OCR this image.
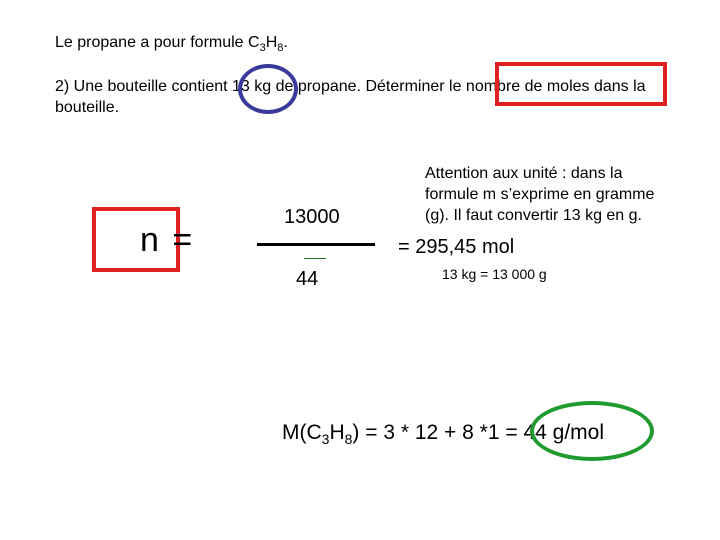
Le propane a pour formule $C_3H_8$.
2) Une bouteille contient 13 kg de propane. Déterminer le nombre de moles dans la bouteille.
n =
13000
44
Attention aux unité : dans la formule m s’exprime en gramme (g). Il faut convertir 13 kg en g.
= 295,45 mol
13 kg = 13 000 g
$M(C_3H_8) = 3 * 12 + 8$ *1 = 44 g/mol
